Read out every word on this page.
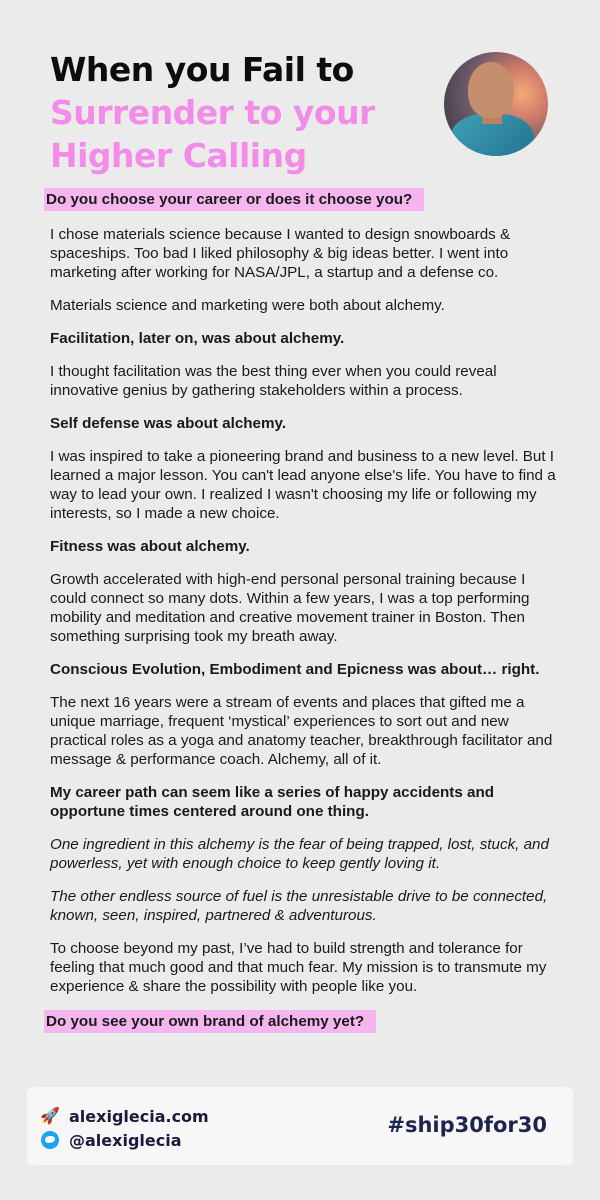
When you Fail to
Surrender to your
Higher Calling
Do you choose your career or does it choose you?

I chose materials science because I wanted to design snowboards & spaceships. Too bad I liked philosophy & big ideas better. I went into marketing after working for NASA/JPL, a startup and a defense co.

Materials science and marketing were both about alchemy.

Facilitation, later on, was about alchemy.

I thought facilitation was the best thing ever when you could reveal innovative genius by gathering stakeholders within a process.

Self defense was about alchemy.

I was inspired to take a pioneering brand and business to a new level. But I learned a major lesson. You can't lead anyone else's life. You have to find a way to lead your own. I realized I wasn't choosing my life or following my interests, so I made a new choice.

Fitness was about alchemy.

Growth accelerated with high-end personal personal training because I could connect so many dots. Within a few years, I was a top performing mobility and meditation and creative movement trainer in Boston. Then something surprising took my breath away.

Conscious Evolution, Embodiment and Epicness was about… right.

The next 16 years were a stream of events and places that gifted me a unique marriage, frequent ‘mystical’ experiences to sort out and new practical roles as a yoga and anatomy teacher, breakthrough facilitator and message & performance coach. Alchemy, all of it.

My career path can seem like a series of happy accidents and opportune times centered around one thing.

One ingredient in this alchemy is the fear of being trapped, lost, stuck, and powerless, yet with enough choice to keep gently loving it.

The other endless source of fuel is the unresistable drive to be connected, known, seen, inspired, partnered & adventurous.

To choose beyond my past, I’ve had to build strength and tolerance for feeling that much good and that much fear. My mission is to transmute my experience & share the possibility with people like you.

Do you see your own brand of alchemy yet?
🚀 alexiglecia.com
@alexiglecia
#ship30for30
